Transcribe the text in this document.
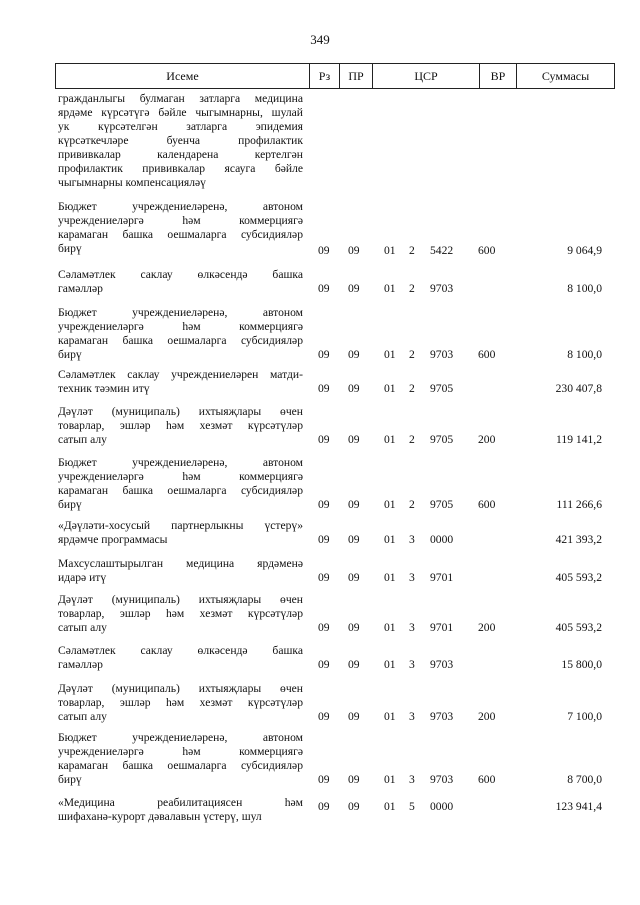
349
Исеме	Рз	ПР	ЦСР	ВР	Суммасы
гражданлыгы булмаган затларга медицина
ярдәме күрсәтүгә бәйле чыгымнарны, шулай
ук күрсәтелгән затларга эпидемия
күрсәткечләре буенча профилактик
прививкалар календарена кертелгән
профилактик прививкалар ясауга бәйле
чыгымнарны компенсацияләү
Бюджет учреждениеләренә, автоном
учреждениеләргә һәм коммерциягә
карамаган башка оешмаларга субсидияләр
бирү	09 09 01 2 5422 600	9 064,9
Сәламәтлек саклау өлкәсендә башка
гамәлләр	09 09 01 2 9703	8 100,0
Бюджет учреждениеләренә, автоном
учреждениеләргә һәм коммерциягә
карамаган башка оешмаларга субсидияләр
бирү	09 09 01 2 9703 600	8 100,0
Сәламәтлек саклау учреждениеләрен матди-
техник тәэмин итү	09 09 01 2 9705	230 407,8
Дәүләт (муниципаль) ихтыяҗлары өчен
товарлар, эшләр һәм хезмәт күрсәтүләр
сатып алу	09 09 01 2 9705 200	119 141,2
Бюджет учреждениеләренә, автоном
учреждениеләргә һәм коммерциягә
карамаган башка оешмаларга субсидияләр
бирү	09 09 01 2 9705 600	111 266,6
«Дәүләти-хосусый партнерлыкны үстерү»
ярдәмче программасы	09 09 01 3 0000	421 393,2
Махсуслаштырылган медицина ярдәменә
идарә итү	09 09 01 3 9701	405 593,2
Дәүләт (муниципаль) ихтыяҗлары өчен
товарлар, эшләр һәм хезмәт күрсәтүләр
сатып алу	09 09 01 3 9701 200	405 593,2
Сәламәтлек саклау өлкәсендә башка
гамәлләр	09 09 01 3 9703	15 800,0
Дәүләт (муниципаль) ихтыяҗлары өчен
товарлар, эшләр һәм хезмәт күрсәтүләр
сатып алу	09 09 01 3 9703 200	7 100,0
Бюджет учреждениеләренә, автоном
учреждениеләргә һәм коммерциягә
карамаган башка оешмаларга субсидияләр
бирү	09 09 01 3 9703 600	8 700,0
«Медицина реабилитациясен һәм
шифаханә-курорт дәвалавын үстерү, шул
09 09 01 5 0000	123 941,4
